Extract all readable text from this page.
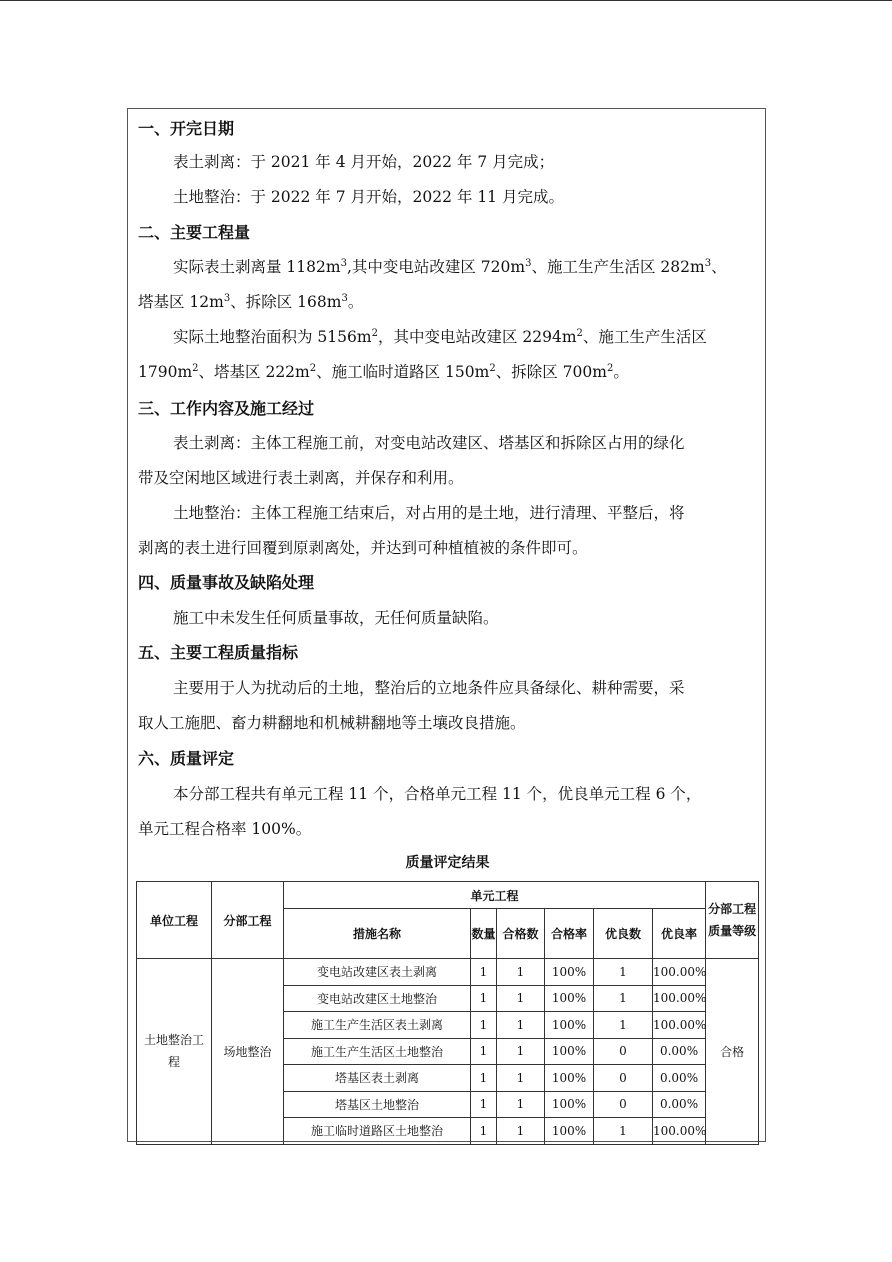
一、开完日期
表土剥离：于 2021 年 4 月开始，2022 年 7 月完成；
土地整治：于 2022 年 7 月开始，2022 年 11 月完成。
二、主要工程量
实际表土剥离量 $1182m^3$,其中变电站改建区 $720m^3$、施工生产生活区 $282m^3$、
塔基区 $12m^3$、拆除区 $168m^3$。
实际土地整治面积为 $5156m^2$，其中变电站改建区 $2294m^2$、施工生产生活区
$1790m^2$、塔基区 $222m^2$、施工临时道路区 $150m^2$、拆除区 $700m^2$。
三、工作内容及施工经过
表土剥离：主体工程施工前，对变电站改建区、塔基区和拆除区占用的绿化
带及空闲地区域进行表土剥离，并保存和利用。
土地整治：主体工程施工结束后，对占用的是土地，进行清理、平整后，将
剥离的表土进行回覆到原剥离处，并达到可种植植被的条件即可。
四、质量事故及缺陷处理
施工中未发生任何质量事故，无任何质量缺陷。
五、主要工程质量指标
主要用于人为扰动后的土地，整治后的立地条件应具备绿化、耕种需要，采
取人工施肥、畜力耕翻地和机械耕翻地等土壤改良措施。
六、质量评定
本分部工程共有单元工程 11 个，合格单元工程 11 个，优良单元工程 6 个，
单元工程合格率 100%。
质量评定结果
单位工程	分部工程	单元工程						分部工程质量等级
		措施名称	数量	合格数	合格率	优良数	优良率	
土地整治工程	场地整治	变电站改建区表土剥离	1	1	100%	1	100.00%	合格
		变电站改建区土地整治	1	1	100%	1	100.00%	
		施工生产生活区表土剥离	1	1	100%	1	100.00%	
		施工生产生活区土地整治	1	1	100%	0	0.00%	
		塔基区表土剥离	1	1	100%	0	0.00%	
		塔基区土地整治	1	1	100%	0	0.00%	
		施工临时道路区土地整治	1	1	100%	1	100.00%	
